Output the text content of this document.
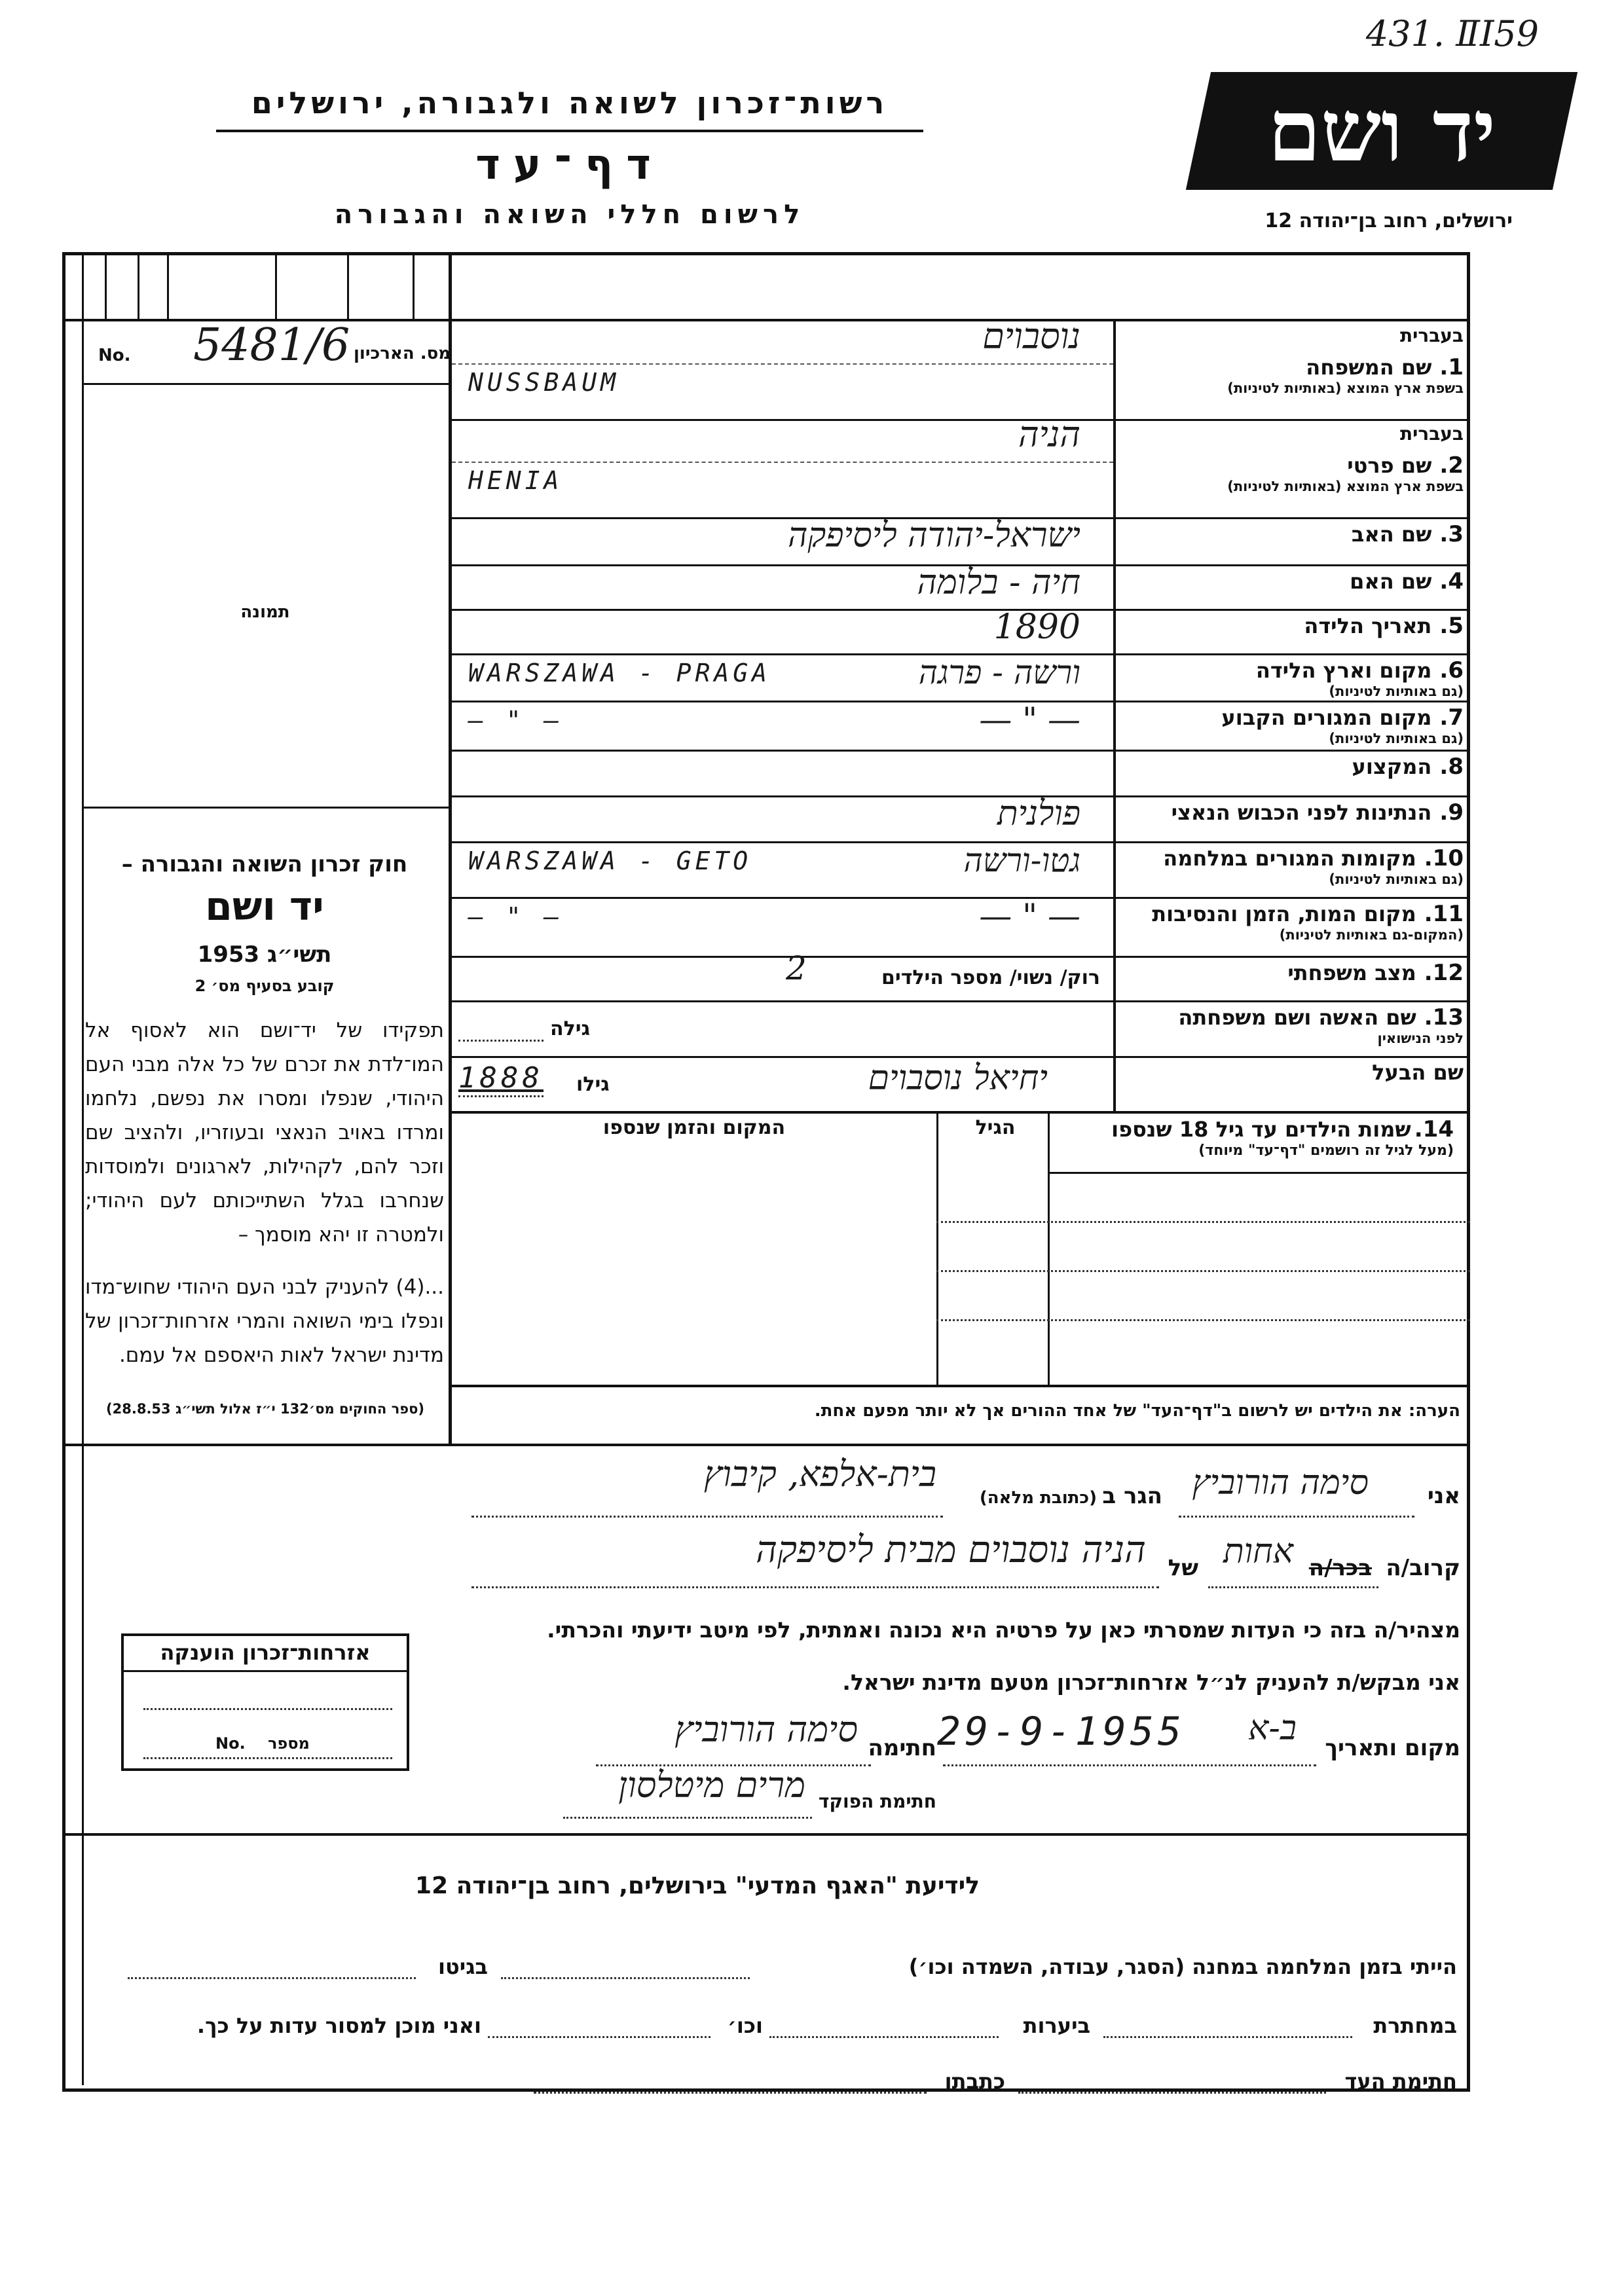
431. ⅡI59
יד ושם
רשות־זכרון לשואה ולגבורה, ירושלים
דף־עד
לרשום חללי השואה והגבורה	ירושלים, רחוב בן־יהודה 12
No. 5481/6 מס. הארכיון
תמונה
חוק זכרון השואה והגבורה –
יד ושם
תשי״ג 1953
קובע בסעיף מס׳ 2
תפקידו של יד־ושם הוא לאסוף אל המו־לדת את זכרם של כל אלה מבני העם היהודי, שנפלו ומסרו את נפשם, נלחמו ומרדו באויב הנאצי ובעוזריו, ולהציב שם וזכר להם, לקהילות, לארגונים ולמוסדות שנחרבו בגלל השתייכותם לעם היהודי; ולמטרה זו יהא מוסמך –
...(4) להעניק לבני העם היהודי שחוש־מדו ונפלו בימי השואה והמרי אזרחות־זכרון של מדינת ישראל לאות היאספם אל עמם.
(ספר החוקים מס׳132 י״ז אלול תשי״ג 28.8.53)
בעברית
1.שם המשפחה
בשפת ארץ המוצא (באותיות לטיניות)
נוסבוים
NUSSBAUM
בעברית
2.שם פרטי
בשפת ארץ המוצא (באותיות לטיניות)
הניה
HENIA
3.שם האב
ישראל-יהודה ליסיפקה
4.שם האם
חיה - בלומה
5.תאריך הלידה
1890
6.מקום וארץ הלידה
(גם באותיות לטיניות)
ורשה - פרגה
WARSZAWA - PRAGA
7.מקום המגורים הקבוע
(גם באותיות לטיניות)
— " —
— " —
8.המקצוע
9.הנתינות לפני הכבוש הנאצי
פולנית
10.מקומות המגורים במלחמה
(גם באותיות לטיניות)
גטו-ורשה
WARSZAWA - GETO
11.מקום המות, הזמן והנסיבות
(המקום-גם באותיות לטיניות)
— " —
— " —
12.מצב משפחתי
רוק/ נשוי/ מספר הילדים
2
13.שם האשה ושם משפחתה
לפני הנישואין
גילה
שם הבעל
יחיאל נוסבוים
גילו
1888
14. שמות הילדים עד גיל 18 שנספו
(מעל לגיל זה רושמים "דף־עד" מיוחד)
הגיל
המקום והזמן שנספו
הערה: את הילדים יש לרשום ב"דף־העד" של אחד ההורים אך לא יותר מפעם אחת.
אני
סימה הורוביץ
הגר ב
(כתובת מלאה)
בית-אלפא, קיבוץ
קרוב/ה
בכר/ה
אחות
של
הניה נוסבוים מבית ליסיפקה
מצהיר/ה בזה כי העדות שמסרתי כאן על פרטיה היא נכונה ואמתית, לפי מיטב ידיעתי והכרתי.
אני מבקש/ת להעניק לנ״ל אזרחות־זכרון מטעם מדינת ישראל.
מקום ותאריך
ב-א
29-9-1955
חתימה
סימה הורוביץ
חתימת הפוקד
מרים מיטלסון
אזרחות־זכרון הוענקה
מספר
No.
לידיעת "האגף המדעי" בירושלים, רחוב בן־יהודה 12
הייתי בזמן המלחמה במחנה (הסגר, עבודה, השמדה וכו׳)
בגיטו
במחתרת
ביערות
וכו׳
ואני מוכן למסור עדות על כך.
חתימת העד
כתבתו
